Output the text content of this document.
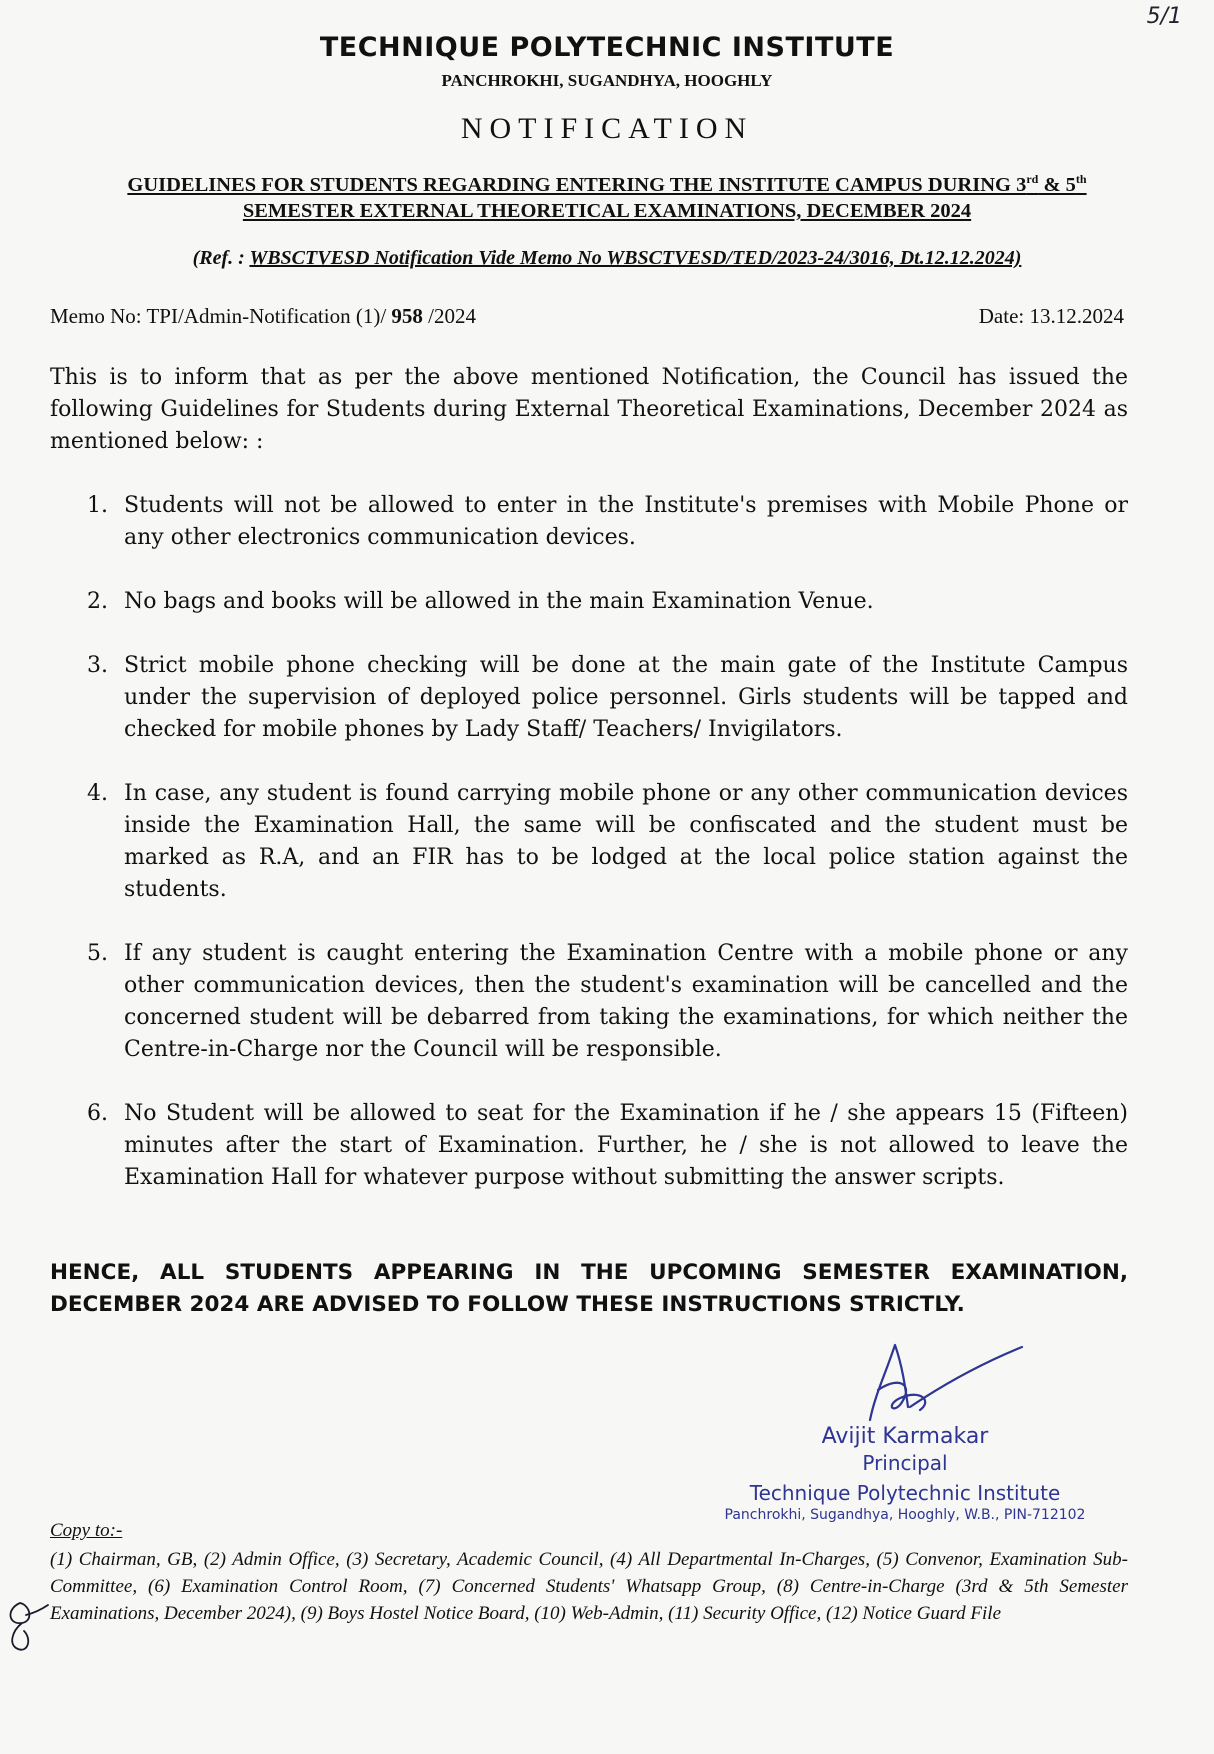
5/1
TECHNIQUE POLYTECHNIC INSTITUTE
PANCHROKHI, SUGANDHYA, HOOGHLY
NOTIFICATION
GUIDELINES FOR STUDENTS REGARDING ENTERING THE INSTITUTE CAMPUS DURING 3rd & 5th
SEMESTER EXTERNAL THEORETICAL EXAMINATIONS, DECEMBER 2024
(Ref. : WBSCTVESD Notification Vide Memo No WBSCTVESD/TED/2023-24/3016, Dt.12.12.2024)
Memo No: TPI/Admin-Notification (1)/ 958 /2024	Date: 13.12.2024
This is to inform that as per the above mentioned Notification, the Council has issued the following Guidelines for Students during External Theoretical Examinations, December 2024 as mentioned below: :
1. Students will not be allowed to enter in the Institute's premises with Mobile Phone or any other electronics communication devices.
2. No bags and books will be allowed in the main Examination Venue.
3. Strict mobile phone checking will be done at the main gate of the Institute Campus under the supervision of deployed police personnel. Girls students will be tapped and checked for mobile phones by Lady Staff/ Teachers/ Invigilators.
4. In case, any student is found carrying mobile phone or any other communication devices inside the Examination Hall, the same will be confiscated and the student must be marked as R.A, and an FIR has to be lodged at the local police station against the students.
5. If any student is caught entering the Examination Centre with a mobile phone or any other communication devices, then the student's examination will be cancelled and the concerned student will be debarred from taking the examinations, for which neither the Centre-in-Charge nor the Council will be responsible.
6. No Student will be allowed to seat for the Examination if he / she appears 15 (Fifteen) minutes after the start of Examination. Further, he / she is not allowed to leave the Examination Hall for whatever purpose without submitting the answer scripts.
HENCE, ALL STUDENTS APPEARING IN THE UPCOMING SEMESTER EXAMINATION, DECEMBER 2024 ARE ADVISED TO FOLLOW THESE INSTRUCTIONS STRICTLY.
Avijit Karmakar
Principal
Technique Polytechnic Institute
Panchrokhi, Sugandhya, Hooghly, W.B., PIN-712102
Copy to:-
(1) Chairman, GB, (2) Admin Office, (3) Secretary, Academic Council, (4) All Departmental In-Charges, (5) Convenor, Examination Sub-Committee, (6) Examination Control Room, (7) Concerned Students' Whatsapp Group, (8) Centre-in-Charge (3rd & 5th Semester Examinations, December 2024), (9) Boys Hostel Notice Board, (10) Web-Admin, (11) Security Office, (12) Notice Guard File
